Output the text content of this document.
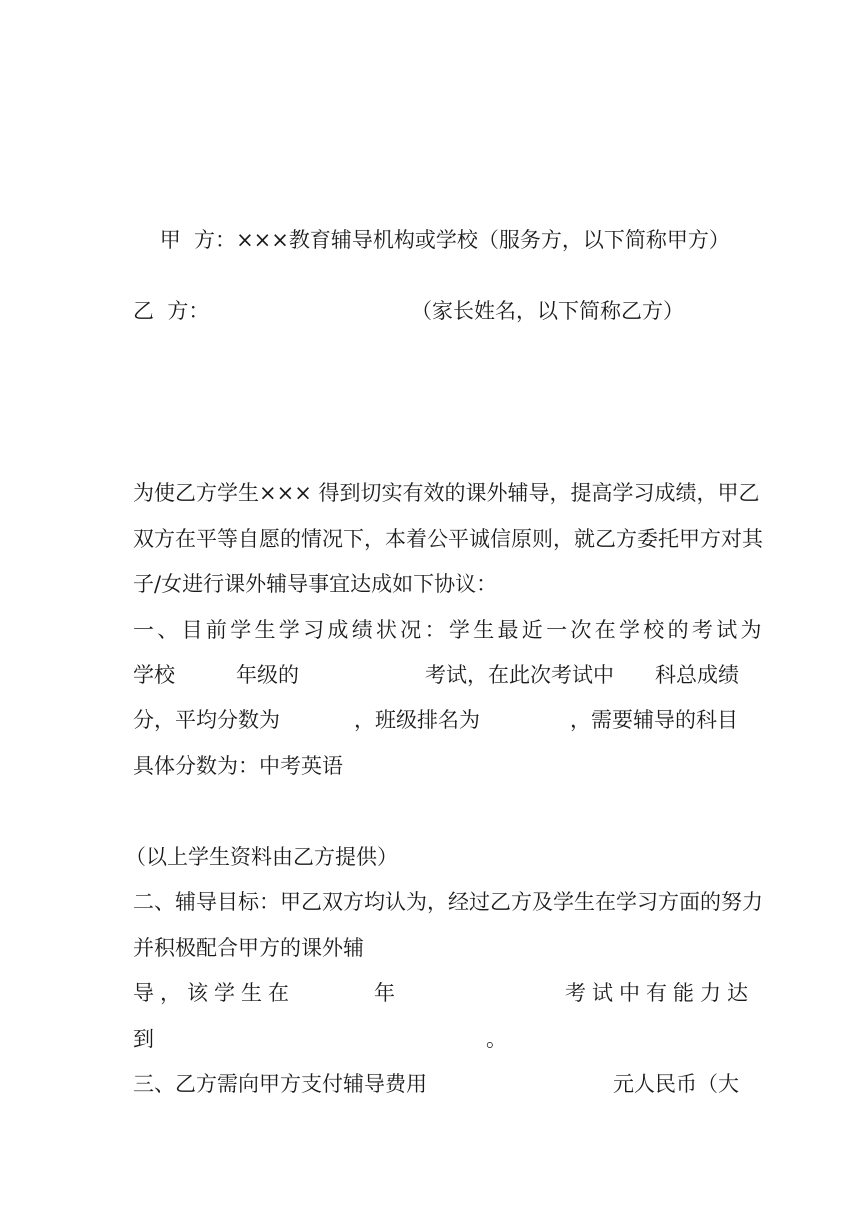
甲  方：×××教育辅导机构或学校（服务方，以下简称甲方）

乙  方：	（家长姓名，以下简称乙方）
为使乙方学生××× 得到切实有效的课外辅导，提高学习成绩，甲乙
双方在平等自愿的情况下，本着公平诚信原则，就乙方委托甲方对其
子/女进行课外辅导事宜达成如下协议：
一、目前学生学习成绩状况：学生最近一次在学校的考试为
学校	年级的	考试，在此次考试中 科总成绩
分，平均分数为	，班级排名为	，需要辅导的科目
具体分数为：中考英语
（以上学生资料由乙方提供）
二、辅导目标：甲乙双方均认为，经过乙方及学生在学习方面的努力
并积极配合甲方的课外辅
导，该学生在	年	考试中有能力达
到	。
三、乙方需向甲方支付辅导费用	元人民币（大
